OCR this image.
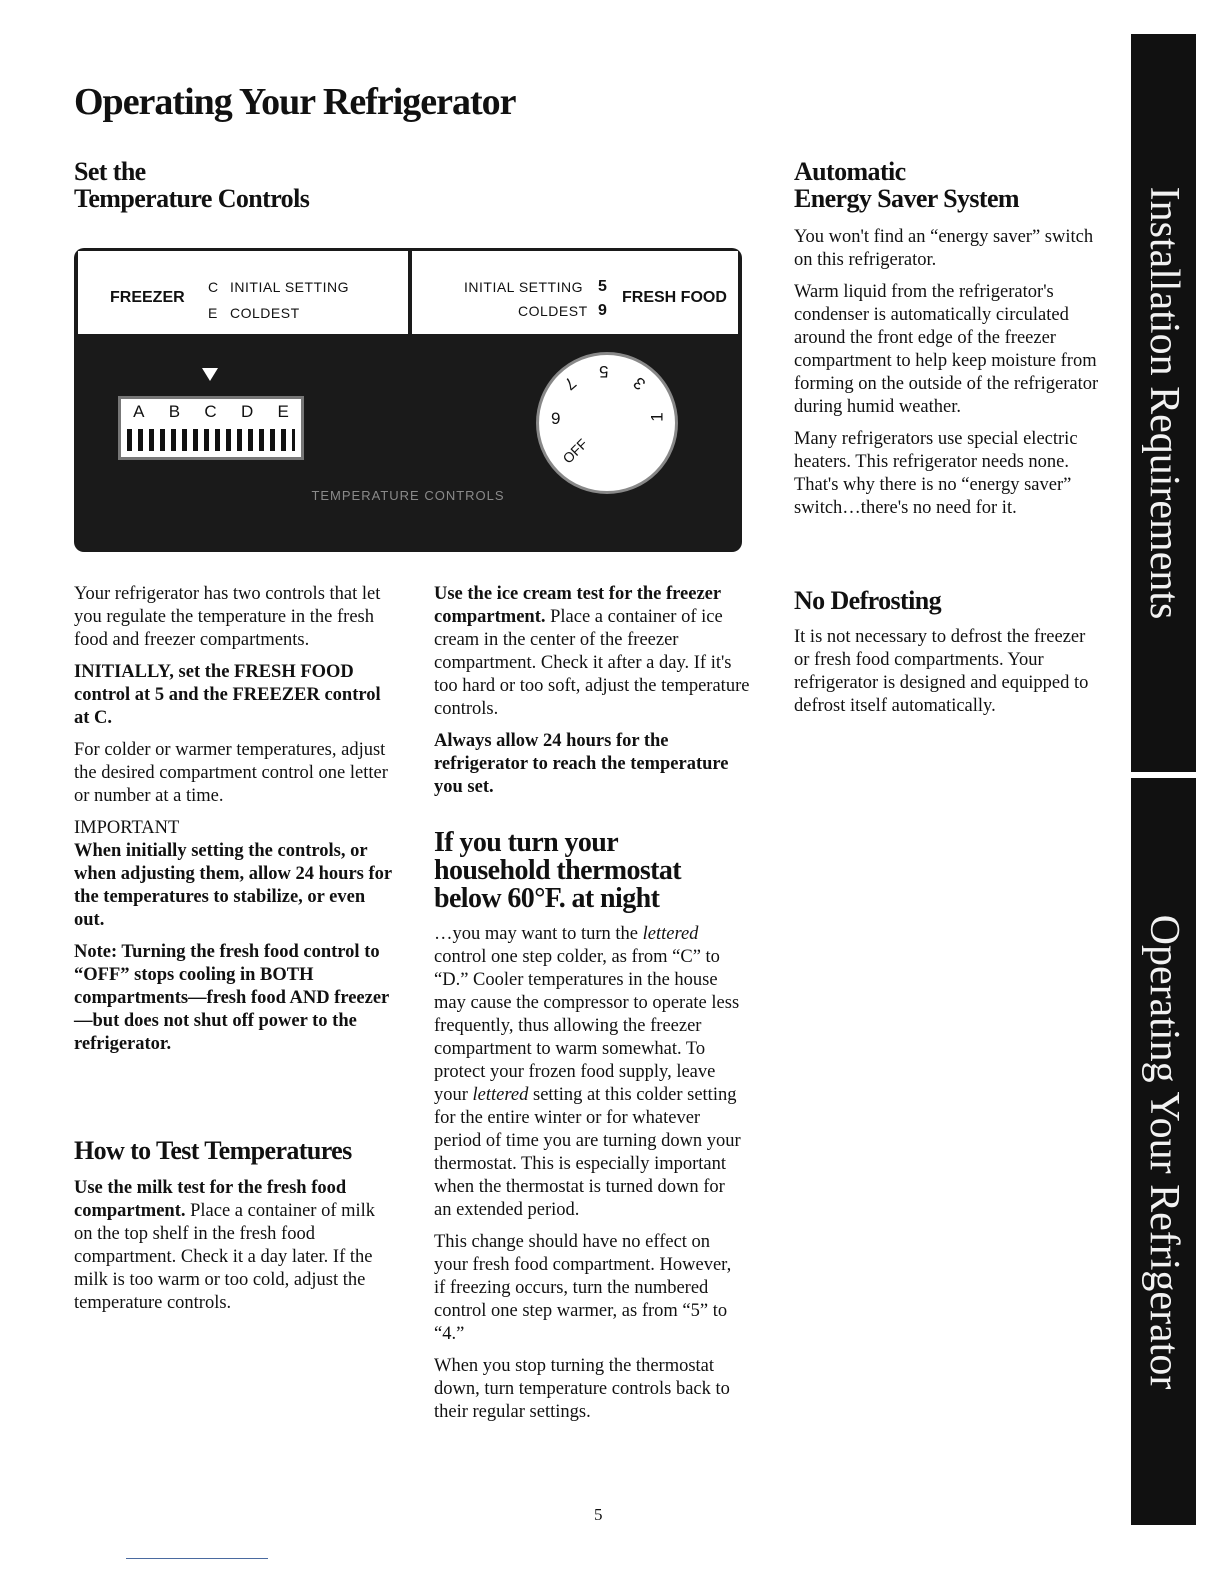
Operating Your Refrigerator
Set the
Temperature Controls
FREEZER
C INITIAL SETTING
E COLDEST
INITIAL SETTING 5
COLDEST 9
FRESH FOOD
A B C D E
5
3
1
9
7
OFF
TEMPERATURE CONTROLS

Your refrigerator has two controls that let you regulate the temperature in the fresh food and freezer compartments.

INITIALLY, set the FRESH FOOD control at 5 and the FREEZER control at C.

For colder or warmer temperatures, adjust the desired compartment control one letter or number at a time.

IMPORTANT

When initially setting the controls, or when adjusting them, allow 24 hours for the temperatures to stabilize, or even out.

Note: Turning the fresh food control to “OFF” stops cooling in BOTH compartments—fresh food AND freezer—but does not shut off power to the refrigerator.

How to Test Temperatures

Use the milk test for the fresh food compartment. Place a container of milk on the top shelf in the fresh food compartment. Check it a day later. If the milk is too warm or too cold, adjust the temperature controls.

Use the ice cream test for the freezer compartment. Place a container of ice cream in the center of the freezer compartment. Check it after a day. If it's too hard or too soft, adjust the temperature controls.

Always allow 24 hours for the refrigerator to reach the temperature you set.

If you turn your
household thermostat
below 60°F. at night

…you may want to turn the lettered control one step colder, as from “C” to “D.” Cooler temperatures in the house may cause the compressor to operate less frequently, thus allowing the freezer compartment to warm somewhat. To protect your frozen food supply, leave your lettered setting at this colder setting for the entire winter or for whatever period of time you are turning down your thermostat. This is especially important when the thermostat is turned down for an extended period.

This change should have no effect on your fresh food compartment. However, if freezing occurs, turn the numbered control one step warmer, as from “5” to “4.”

When you stop turning the thermostat down, turn temperature controls back to their regular settings.

Automatic
Energy Saver System

You won't find an “energy saver” switch on this refrigerator.

Warm liquid from the refrigerator's condenser is automatically circulated around the front edge of the freezer compartment to help keep moisture from forming on the outside of the refrigerator during humid weather.

Many refrigerators use special electric heaters. This refrigerator needs none. That's why there is no “energy saver” switch…there's no need for it.

No Defrosting

It is not necessary to defrost the freezer or fresh food compartments. Your refrigerator is designed and equipped to defrost itself automatically.

Installation Requirements
Operating Your Refrigerator
5
